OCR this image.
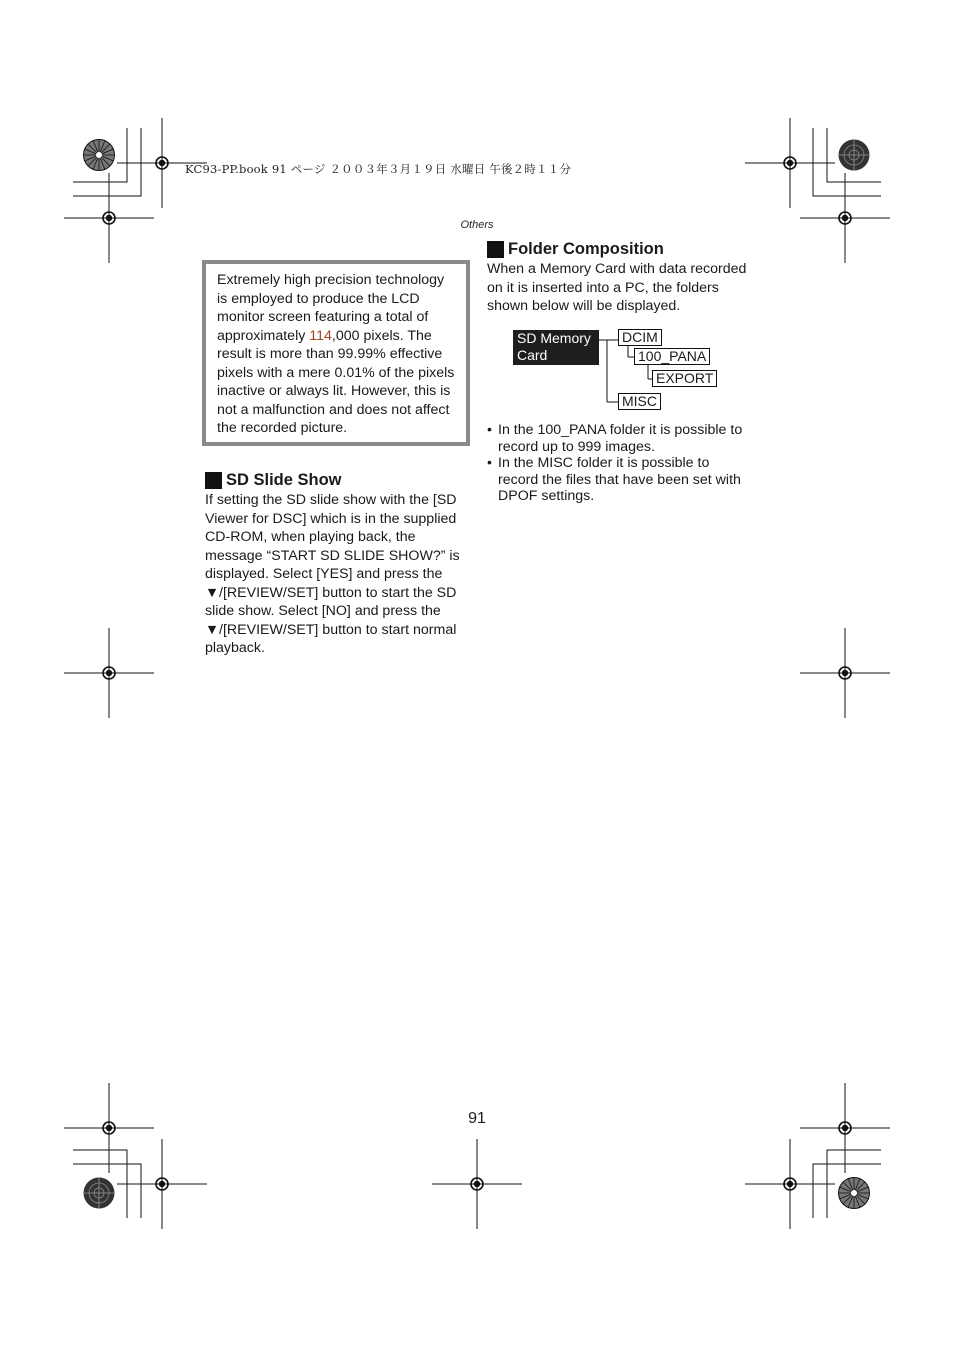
KC93-PP.book 91 ページ ２００３年３月１９日 水曜日 午後２時１１分
Others
Extremely high precision technology is employed to produce the LCD monitor screen featuring a total of approximately 114,000 pixels. The result is more than 99.99% effective pixels with a mere 0.01% of the pixels inactive or always lit. However, this is not a malfunction and does not affect the recorded picture.
SD Slide Show
If setting the SD slide show with the [SD Viewer for DSC] which is in the supplied CD-ROM, when playing back, the message “START SD SLIDE SHOW?” is displayed. Select [YES] and press the ▼/[REVIEW/SET] button to start the SD slide show. Select [NO] and press the ▼/[REVIEW/SET] button to start normal playback.
Folder Composition
When a Memory Card with data recorded on it is inserted into a PC, the folders shown below will be displayed.
SD Memory Card
DCIM
100_PANA
EXPORT
MISC
• In the 100_PANA folder it is possible to record up to 999 images.
• In the MISC folder it is possible to record the files that have been set with DPOF settings.
91
